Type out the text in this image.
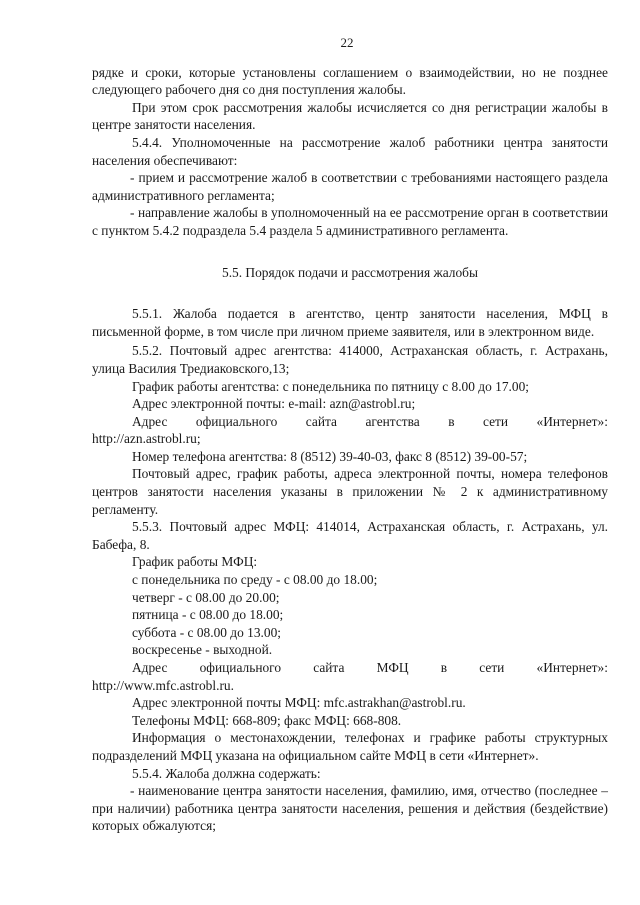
22

рядке и сроки, которые установлены соглашением о взаимодействии, но не позднее следующего рабочего дня со дня поступления жалобы.

При этом срок рассмотрения жалобы исчисляется со дня регистрации жалобы в центре занятости населения.

5.4.4. Уполномоченные на рассмотрение жалоб работники центра занятости населения обеспечивают:

- прием и рассмотрение жалоб в соответствии с требованиями настоящего раздела административного регламента;

- направление жалобы в уполномоченный на ее рассмотрение орган в соответствии с пунктом 5.4.2 подраздела 5.4 раздела 5 административного регламента.

5.5. Порядок подачи и рассмотрения жалобы

5.5.1. Жалоба подается в агентство, центр занятости населения, МФЦ в письменной форме, в том числе при личном приеме заявителя, или в электронном виде.

5.5.2. Почтовый адрес агентства: 414000, Астраханская область, г. Астрахань, улица Василия Тредиаковского,13;

График работы агентства: с понедельника по пятницу с 8.00 до 17.00;

Адрес электронной почты: e-mail: azn@astrobl.ru;

Адрес официального сайта агентства в сети «Интернет»:

http://azn.astrobl.ru;

Номер телефона агентства: 8 (8512) 39-40-03, факс 8 (8512) 39-00-57;

Почтовый адрес, график работы, адреса электронной почты, номера телефонов центров занятости населения указаны в приложении № 2 к административному регламенту.

5.5.3. Почтовый адрес МФЦ: 414014, Астраханская область, г. Астрахань, ул. Бабефа, 8.

График работы МФЦ:

с понедельника по среду - с 08.00 до 18.00;

четверг - с 08.00 до 20.00;

пятница - с 08.00 до 18.00;

суббота - с 08.00 до 13.00;

воскресенье - выходной.

Адрес официального сайта МФЦ в сети «Интернет»:

http://www.mfc.astrobl.ru.

Адрес электронной почты МФЦ: mfc.astrakhan@astrobl.ru.

Телефоны МФЦ: 668-809; факс МФЦ: 668-808.

Информация о местонахождении, телефонах и графике работы структурных подразделений МФЦ указана на официальном сайте МФЦ в сети «Интернет».

5.5.4. Жалоба должна содержать:

- наименование центра занятости населения, фамилию, имя, отчество (последнее – при наличии) работника центра занятости населения, решения и действия (бездействие) которых обжалуются;
